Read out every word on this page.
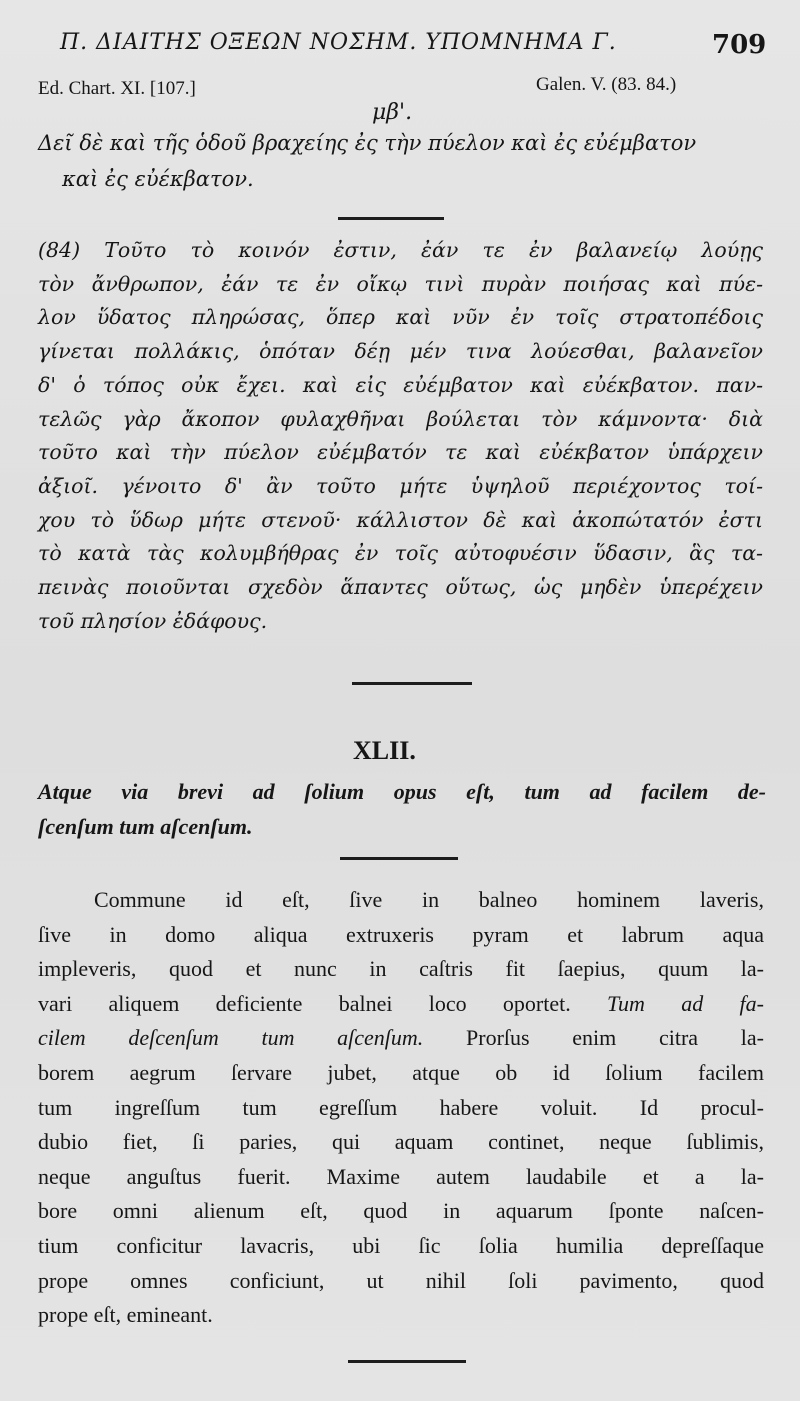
Π. ΔΙΑΙΤΗΣ ΟΞΕΩΝ ΝΟΣΗΜ. ΥΠΟΜΝΗΜΑ Γ.	709
Ed. Chart. XI. [107.]	Galen. V. (83. 84.)
μβ'.
Δεῖ δὲ καὶ τῆς ὁδοῦ βραχείης ἐς τὴν πύελον καὶ ἐς εὐέμβατον
καὶ ἐς εὐέκβατον.
(84) Τοῦτο τὸ κοινόν ἐστιν, ἐάν τε ἐν βαλανείῳ λούῃς
τὸν ἄνθρωπον, ἐάν τε ἐν οἴκῳ τινὶ πυρὰν ποιήσας καὶ πύε-
λον ὕδατος πληρώσας, ὅπερ καὶ νῦν ἐν τοῖς στρατοπέδοις
γίνεται πολλάκις, ὁπόταν δέῃ μέν τινα λούεσθαι, βαλανεῖον
δ' ὁ τόπος οὐκ ἔχει. καὶ εἰς εὐέμβατον καὶ εὐέκβατον. παν-
τελῶς γὰρ ἄκοπον φυλαχθῆναι βούλεται τὸν κάμνοντα· διὰ
τοῦτο καὶ τὴν πύελον εὐέμβατόν τε καὶ εὐέκβατον ὑπάρχειν
ἀξιοῖ. γένοιτο δ' ἂν τοῦτο μήτε ὑψηλοῦ περιέχοντος τοί-
χου τὸ ὕδωρ μήτε στενοῦ· κάλλιστον δὲ καὶ ἀκοπώτατόν ἐστι
τὸ κατὰ τὰς κολυμβήθρας ἐν τοῖς αὐτοφυέσιν ὕδασιν, ἃς τα-
πεινὰς ποιοῦνται σχεδὸν ἅπαντες οὕτως, ὡς μηδὲν ὑπερέχειν
τοῦ πλησίον ἐδάφους.
XLII.
Atque via brevi ad ſolium opus eſt, tum ad facilem de-
ſcenſum tum aſcenſum.
Commune id eſt, ſive in balneo hominem laveris,
ſive in domo aliqua extruxeris pyram et labrum aqua
impleveris, quod et nunc in caſtris fit ſaepius, quum la-
vari aliquem deficiente balnei loco oportet. Tum ad fa-
cilem deſcenſum tum aſcenſum. Prorſus enim citra la-
borem aegrum ſervare jubet, atque ob id ſolium facilem
tum ingreſſum tum egreſſum habere voluit. Id procul-
dubio fiet, ſi paries, qui aquam continet, neque ſublimis,
neque anguſtus fuerit. Maxime autem laudabile et a la-
bore omni alienum eſt, quod in aquarum ſponte naſcen-
tium conficitur lavacris, ubi ſic ſolia humilia depreſſaque
prope omnes conficiunt, ut nihil ſoli pavimento, quod
prope eſt, emineant.
